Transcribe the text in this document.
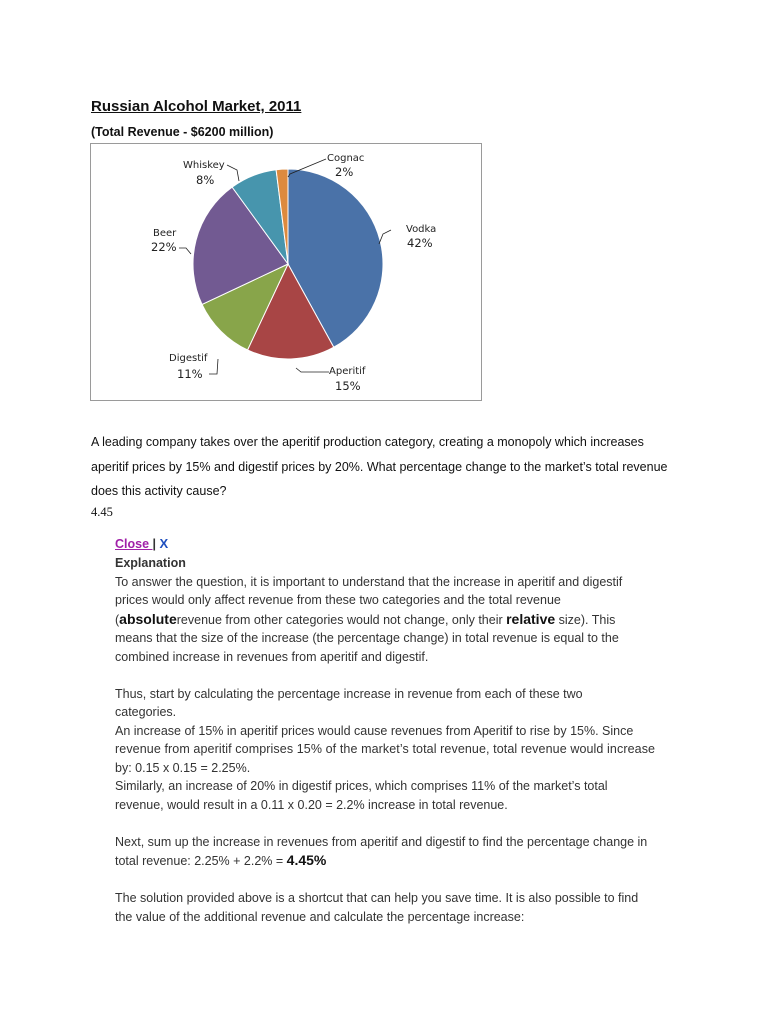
Russian Alcohol Market, 2011
(Total Revenue - $6200 million)
Vodka
42%
Aperitif
15%
Digestif
11%
Beer
22%
Whiskey
8%
Cognac
2%
A leading company takes over the aperitif production category, creating a monopoly which increases
aperitif prices by 15% and digestif prices by 20%. What percentage change to the market’s total revenue
does this activity cause?
4.45
Close | X

Explanation

To answer the question, it is important to understand that the increase in aperitif and digestif

prices would only affect revenue from these two categories and the total revenue

(absoluterevenue from other categories would not change, only their relative size). This

means that the size of the increase (the percentage change) in total revenue is equal to the

combined increase in revenues from aperitif and digestif.

Thus, start by calculating the percentage increase in revenue from each of these two

categories.

An increase of 15% in aperitif prices would cause revenues from Aperitif to rise by 15%. Since

revenue from aperitif comprises 15% of the market’s total revenue, total revenue would increase

by: 0.15 x 0.15 = 2.25%.

Similarly, an increase of 20% in digestif prices, which comprises 11% of the market’s total

revenue, would result in a 0.11 x 0.20 = 2.2% increase in total revenue.

Next, sum up the increase in revenues from aperitif and digestif to find the percentage change in

total revenue: 2.25% + 2.2% = 4.45%

The solution provided above is a shortcut that can help you save time. It is also possible to find

the value of the additional revenue and calculate the percentage increase:
